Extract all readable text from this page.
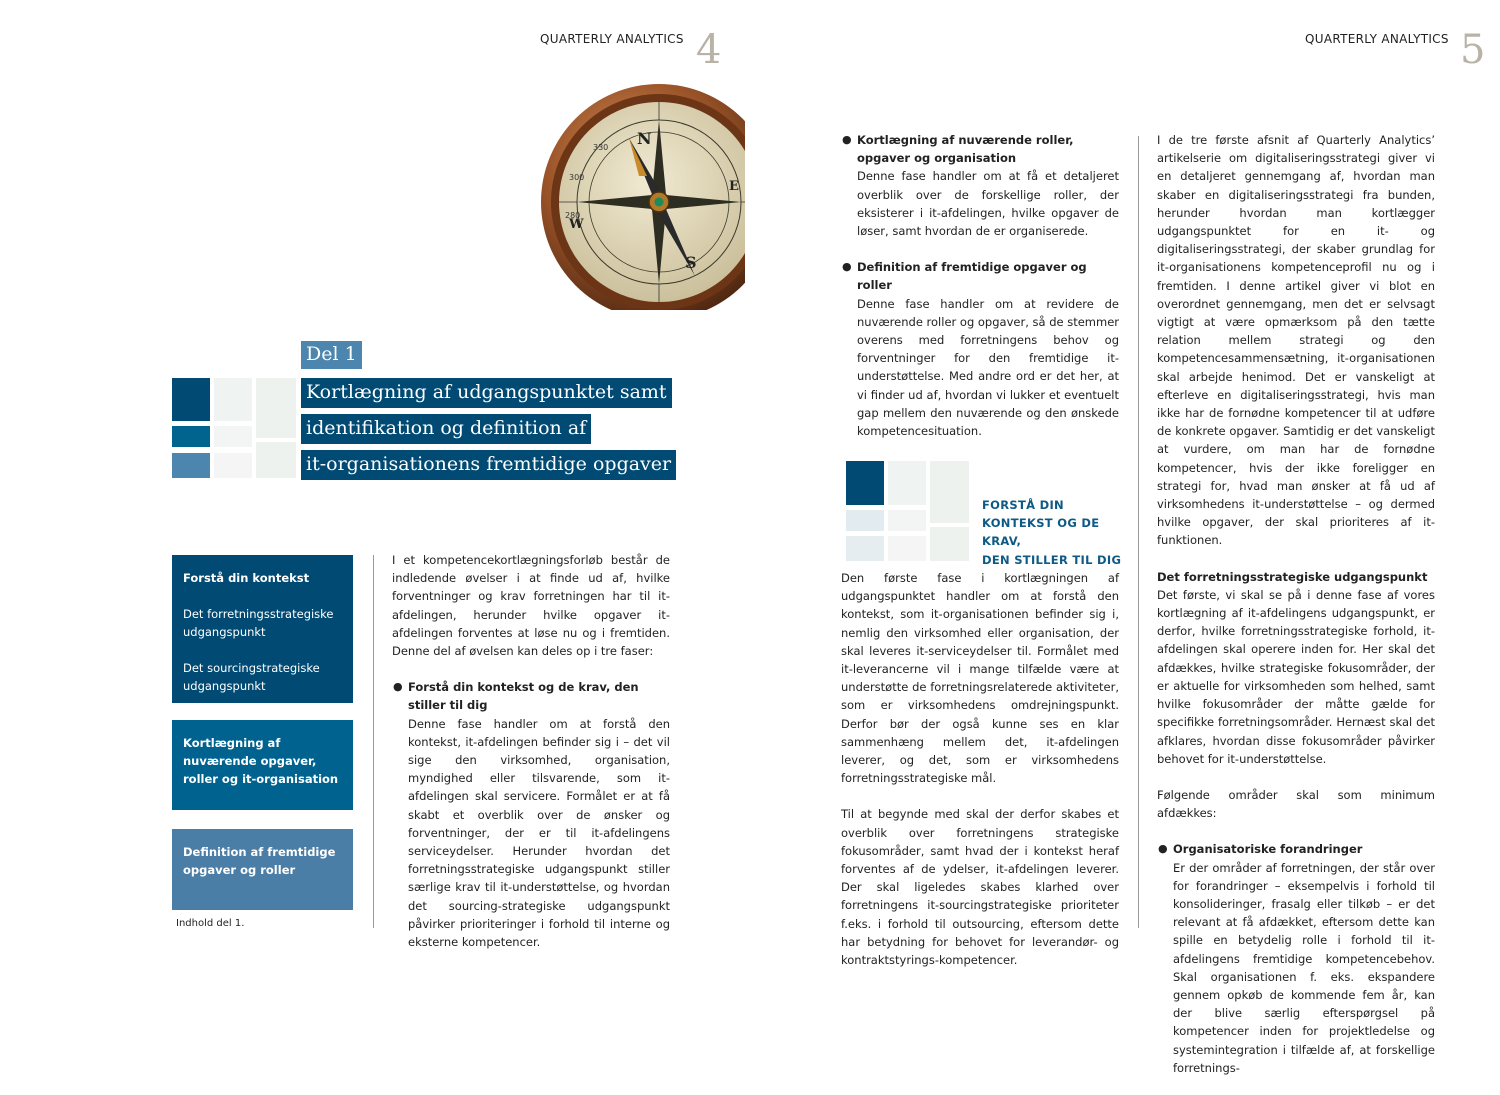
QUARTERLY ANALYTICS 4
N
S
W
E
330
300
280
Del 1
Kortlægning af udgangspunktet samt
identifikation og definition af
it-organisationens fremtidige opgaver
Forstå din kontekst
Det forretningsstrategiske udgangspunkt
Det sourcingstrategiske udgangspunkt
Kortlægning af nuværende opgaver, roller og it-organisation
Definition af fremtidige opgaver og roller
Indhold del 1.

I et kompetencekortlægningsforløb består de indledende øvelser i at finde ud af, hvilke forventninger og krav forretningen har til it-afdelingen, herunder hvilke opgaver it-afdelingen forventes at løse nu og i fremtiden. Denne del af øvelsen kan deles op i tre faser:

● Forstå din kontekst og de krav, den stiller til dig
Denne fase handler om at forstå den kontekst, it-afdelingen befinder sig i – det vil sige den virksomhed, organisation, myndighed eller tilsvarende, som it-afdelingen skal servicere. Formålet er at få skabt et overblik over de ønsker og forventninger, der er til it-afdelingens serviceydelser. Herunder hvordan det forretningsstrategiske udgangspunkt stiller særlige krav til it-understøttelse, og hvordan det sourcing-strategiske udgangspunkt påvirker prioriteringer i forhold til interne og eksterne kompetencer.
QUARTERLY ANALYTICS 5
● Kortlægning af nuværende roller, opgaver og organisation
Denne fase handler om at få et detaljeret overblik over de forskellige roller, der eksisterer i it-afdelingen, hvilke opgaver de løser, samt hvordan de er organiserede.
● Definition af fremtidige opgaver og roller
Denne fase handler om at revidere de nuværende roller og opgaver, så de stemmer overens med forretningens behov og forventninger for den fremtidige it-understøttelse. Med andre ord er det her, at vi finder ud af, hvordan vi lukker et eventuelt gap mellem den nuværende og den ønskede kompetencesituation.
FORSTÅ DIN
KONTEKST OG DE
KRAV,
DEN STILLER TIL DIG

Den første fase i kortlægningen af udgangspunktet handler om at forstå den kontekst, som it-organisationen befinder sig i, nemlig den virksomhed eller organisation, der skal leveres it-serviceydelser til. Formålet med it-leverancerne vil i mange tilfælde være at understøtte de forretningsrelaterede aktiviteter, som er virksomhedens omdrejningspunkt. Derfor bør der også kunne ses en klar sammenhæng mellem det, it-afdelingen leverer, og det, som er virksomhedens forretningsstrategiske mål.

Til at begynde med skal der derfor skabes et overblik over forretningens strategiske fokusområder, samt hvad der i kontekst heraf forventes af de ydelser, it-afdelingen leverer. Der skal ligeledes skabes klarhed over forretningens it-sourcingstrategiske prioriteter f.eks. i forhold til outsourcing, eftersom dette har betydning for behovet for leverandør- og kontraktstyrings-kompetencer.

I de tre første afsnit af Quarterly Analytics’ artikelserie om digitaliseringsstrategi giver vi en detaljeret gennemgang af, hvordan man skaber en digitaliseringsstrategi fra bunden, herunder hvordan man kortlægger udgangspunktet for en it- og digitaliseringsstrategi, der skaber grundlag for it-organisationens kompetenceprofil nu og i fremtiden. I denne artikel giver vi blot en overordnet gennemgang, men det er selvsagt vigtigt at være opmærksom på den tætte relation mellem strategi og den kompetencesammensætning, it-organisationen skal arbejde henimod. Det er vanskeligt at efterleve en digitaliseringsstrategi, hvis man ikke har de fornødne kompetencer til at udføre de konkrete opgaver. Samtidig er det vanskeligt at vurdere, om man har de fornødne kompetencer, hvis der ikke foreligger en strategi for, hvad man ønsker at få ud af virksomhedens it-understøttelse – og dermed hvilke opgaver, der skal prioriteres af it-funktionen.

Det forretningsstrategiske udgangspunkt
Det første, vi skal se på i denne fase af vores kortlægning af it-afdelingens udgangspunkt, er derfor, hvilke forretningsstrategiske forhold, it-afdelingen skal operere inden for. Her skal det afdækkes, hvilke strategiske fokusområder, der er aktuelle for virksomheden som helhed, samt hvilke fokusområder der måtte gælde for specifikke forretningsområder. Hernæst skal det afklares, hvordan disse fokusområder påvirker behovet for it-understøttelse.

Følgende områder skal som minimum afdækkes:

● Organisatoriske forandringer
Er der områder af forretningen, der står over for forandringer – eksempelvis i forhold til konsolideringer, frasalg eller tilkøb – er det relevant at få afdækket, eftersom dette kan spille en betydelig rolle i forhold til it-afdelingens fremtidige kompetencebehov. Skal organisationen f. eks. ekspandere gennem opkøb de kommende fem år, kan der blive særlig efterspørgsel på kompetencer inden for projektledelse og systemintegration i tilfælde af, at forskellige forretnings-
